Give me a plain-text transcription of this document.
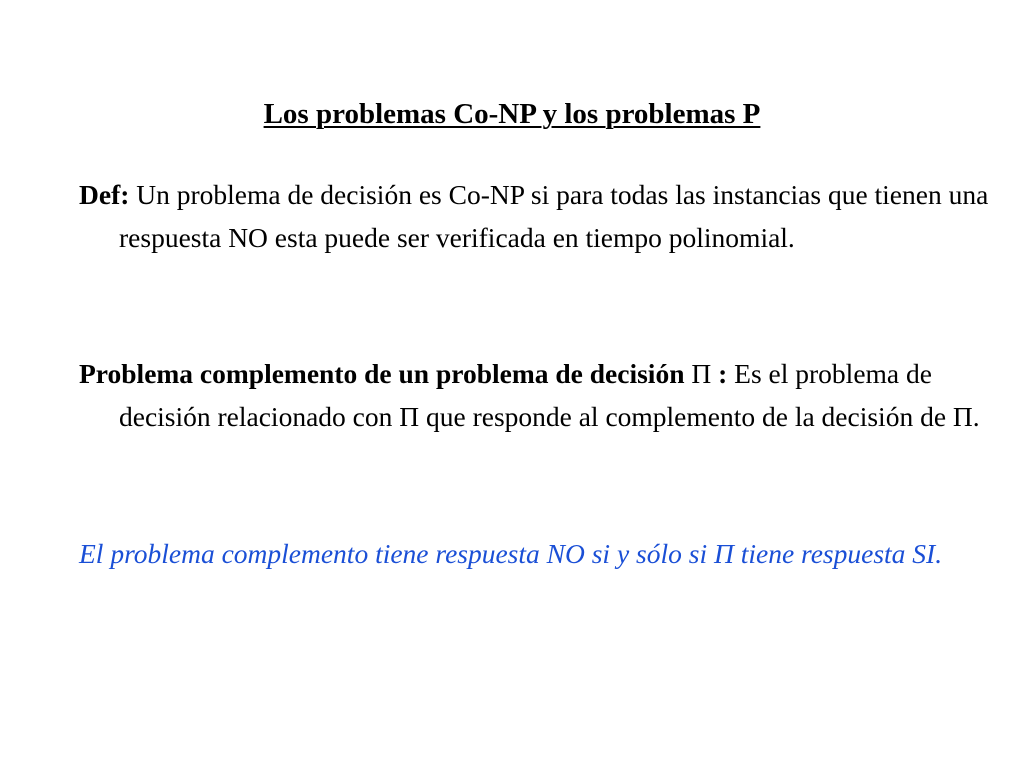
Los problemas Co-NP y los problemas P

Def: Un problema de decisión es Co-NP si para todas las instancias que tienen una respuesta NO esta puede ser verificada en tiempo polinomial.

Problema complemento de un problema de decisión Π : Es el problema de decisión relacionado con Π que responde al complemento de la decisión de Π.

El problema complemento tiene respuesta NO si y sólo si Π tiene respuesta SI.
